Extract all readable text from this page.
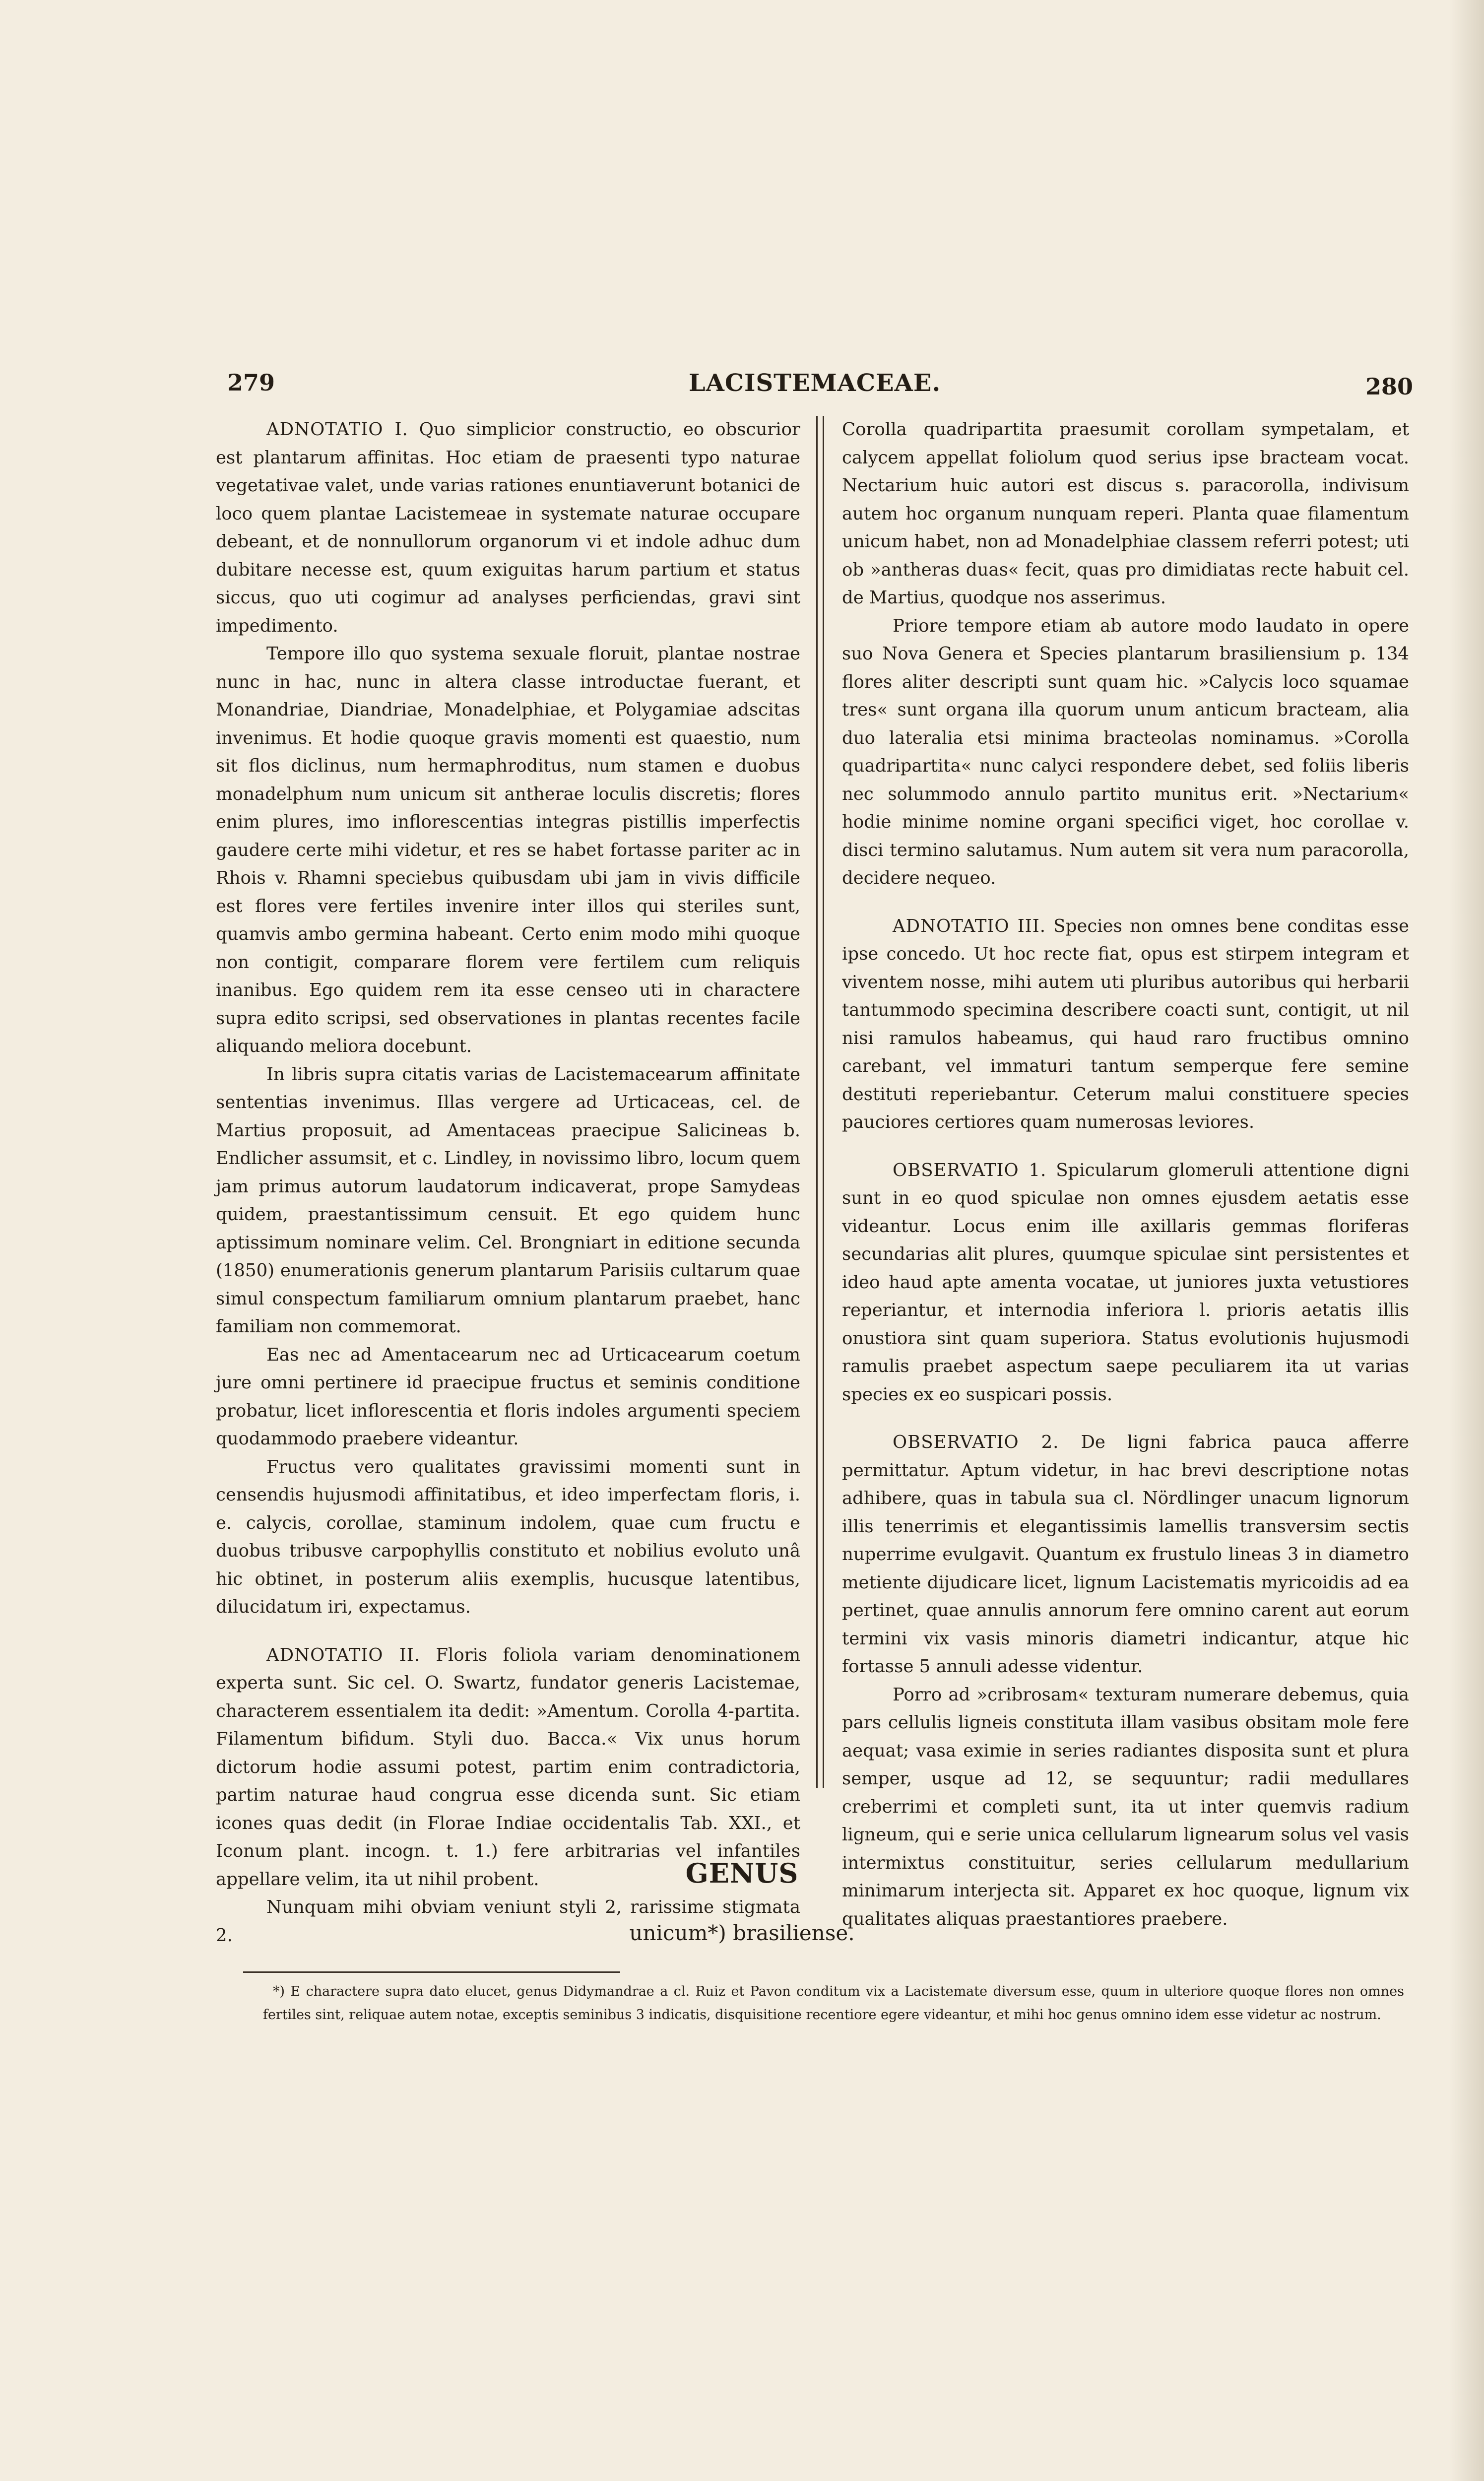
279	LACISTEMACEAE.	280

ADNOTATIO I. Quo simplicior constructio, eo obscurior est plantarum affinitas. Hoc etiam de praesenti typo naturae vegetativae valet, unde varias rationes enuntiaverunt botanici de loco quem plantae Lacistemeae in systemate naturae occupare debeant, et de nonnullorum organorum vi et indole adhuc dum dubitare necesse est, quum exiguitas harum partium et status siccus, quo uti cogimur ad analyses perficiendas, gravi sint impedimento.

Tempore illo quo systema sexuale floruit, plantae nostrae nunc in hac, nunc in altera classe introductae fuerant, et Monandriae, Diandriae, Monadelphiae, et Polygamiae adscitas invenimus. Et hodie quoque gravis momenti est quaestio, num sit flos diclinus, num hermaphroditus, num stamen e duobus monadelphum num unicum sit antherae loculis discretis; flores enim plures, imo inflorescentias integras pistillis imperfectis gaudere certe mihi videtur, et res se habet fortasse pariter ac in Rhois v. Rhamni speciebus quibusdam ubi jam in vivis difficile est flores vere fertiles invenire inter illos qui steriles sunt, quamvis ambo germina habeant. Certo enim modo mihi quoque non contigit, comparare florem vere fertilem cum reliquis inanibus. Ego quidem rem ita esse censeo uti in charactere supra edito scripsi, sed observationes in plantas recentes facile aliquando meliora docebunt.

In libris supra citatis varias de Lacistemacearum affinitate sententias invenimus. Illas vergere ad Urticaceas, cel. de Martius proposuit, ad Amentaceas praecipue Salicineas b. Endlicher assumsit, et c. Lindley, in novissimo libro, locum quem jam primus autorum laudatorum indicaverat, prope Samydeas quidem, praestantissimum censuit. Et ego quidem hunc aptissimum nominare velim. Cel. Brongniart in editione secunda (1850) enumerationis generum plantarum Parisiis cultarum quae simul conspectum familiarum omnium plantarum praebet, hanc familiam non commemorat.

Eas nec ad Amentacearum nec ad Urticacearum coetum jure omni pertinere id praecipue fructus et seminis conditione probatur, licet inflorescentia et floris indoles argumenti speciem quodammodo praebere videantur.

Fructus vero qualitates gravissimi momenti sunt in censendis hujusmodi affinitatibus, et ideo imperfectam floris, i. e. calycis, corollae, staminum indolem, quae cum fructu e duobus tribusve carpophyllis constituto et nobilius evoluto unâ hic obtinet, in posterum aliis exemplis, hucusque latentibus, dilucidatum iri, expectamus.

ADNOTATIO II. Floris foliola variam denominationem experta sunt. Sic cel. O. Swartz, fundator generis Lacistemae, characterem essentialem ita dedit: »Amentum. Corolla 4-partita. Filamentum bifidum. Styli duo. Bacca.« Vix unus horum dictorum hodie assumi potest, partim enim contradictoria, partim naturae haud congrua esse dicenda sunt. Sic etiam icones quas dedit (in Florae Indiae occidentalis Tab. XXI., et Iconum plant. incogn. t. 1.) fere arbitrarias vel infantiles appellare velim, ita ut nihil probent.

Nunquam mihi obviam veniunt styli 2, rarissime stigmata 2.

Corolla quadripartita praesumit corollam sympetalam, et calycem appellat foliolum quod serius ipse bracteam vocat. Nectarium huic autori est discus s. paracorolla, indivisum autem hoc organum nunquam reperi. Planta quae filamentum unicum habet, non ad Monadelphiae classem referri potest; uti ob »antheras duas« fecit, quas pro dimidiatas recte habuit cel. de Martius, quodque nos asserimus.

Priore tempore etiam ab autore modo laudato in opere suo Nova Genera et Species plantarum brasiliensium p. 134 flores aliter descripti sunt quam hic. »Calycis loco squamae tres« sunt organa illa quorum unum anticum bracteam, alia duo lateralia etsi minima bracteolas nominamus. »Corolla quadripartita« nunc calyci respondere debet, sed foliis liberis nec solummodo annulo partito munitus erit. »Nectarium« hodie minime nomine organi specifici viget, hoc corollae v. disci termino salutamus. Num autem sit vera num paracorolla, decidere nequeo.

ADNOTATIO III. Species non omnes bene conditas esse ipse concedo. Ut hoc recte fiat, opus est stirpem integram et viventem nosse, mihi autem uti pluribus autoribus qui herbarii tantummodo specimina describere coacti sunt, contigit, ut nil nisi ramulos habeamus, qui haud raro fructibus omnino carebant, vel immaturi tantum semperque fere semine destituti reperiebantur. Ceterum malui constituere species pauciores certiores quam numerosas leviores.

OBSERVATIO 1. Spicularum glomeruli attentione digni sunt in eo quod spiculae non omnes ejusdem aetatis esse videantur. Locus enim ille axillaris gemmas floriferas secundarias alit plures, quumque spiculae sint persistentes et ideo haud apte amenta vocatae, ut juniores juxta vetustiores reperiantur, et internodia inferiora l. prioris aetatis illis onustiora sint quam superiora. Status evolutionis hujusmodi ramulis praebet aspectum saepe peculiarem ita ut varias species ex eo suspicari possis.

OBSERVATIO 2. De ligni fabrica pauca afferre permittatur. Aptum videtur, in hac brevi descriptione notas adhibere, quas in tabula sua cl. Nördlinger unacum lignorum illis tenerrimis et elegantissimis lamellis transversim sectis nuperrime evulgavit. Quantum ex frustulo lineas 3 in diametro metiente dijudicare licet, lignum Lacistematis myricoidis ad ea pertinet, quae annulis annorum fere omnino carent aut eorum termini vix vasis minoris diametri indicantur, atque hic fortasse 5 annuli adesse videntur.

Porro ad »cribrosam« texturam numerare debemus, quia pars cellulis ligneis constituta illam vasibus obsitam mole fere aequat; vasa eximie in series radiantes disposita sunt et plura semper, usque ad 12, se sequuntur; radii medullares creberrimi et completi sunt, ita ut inter quemvis radium ligneum, qui e serie unica cellularum lignearum solus vel vasis intermixtus constituitur, series cellularum medullarium minimarum interjecta sit. Apparet ex hoc quoque, lignum vix qualitates aliquas praestantiores praebere.

GENUS
unicum*) brasiliense.
*) E charactere supra dato elucet, genus Didymandrae a cl. Ruiz et Pavon conditum vix a Lacistemate diversum esse, quum in ulteriore quoque flores non omnes fertiles sint, reliquae autem notae, exceptis seminibus 3 indicatis, disquisitione recentiore egere videantur, et mihi hoc genus omnino idem esse videtur ac nostrum.
